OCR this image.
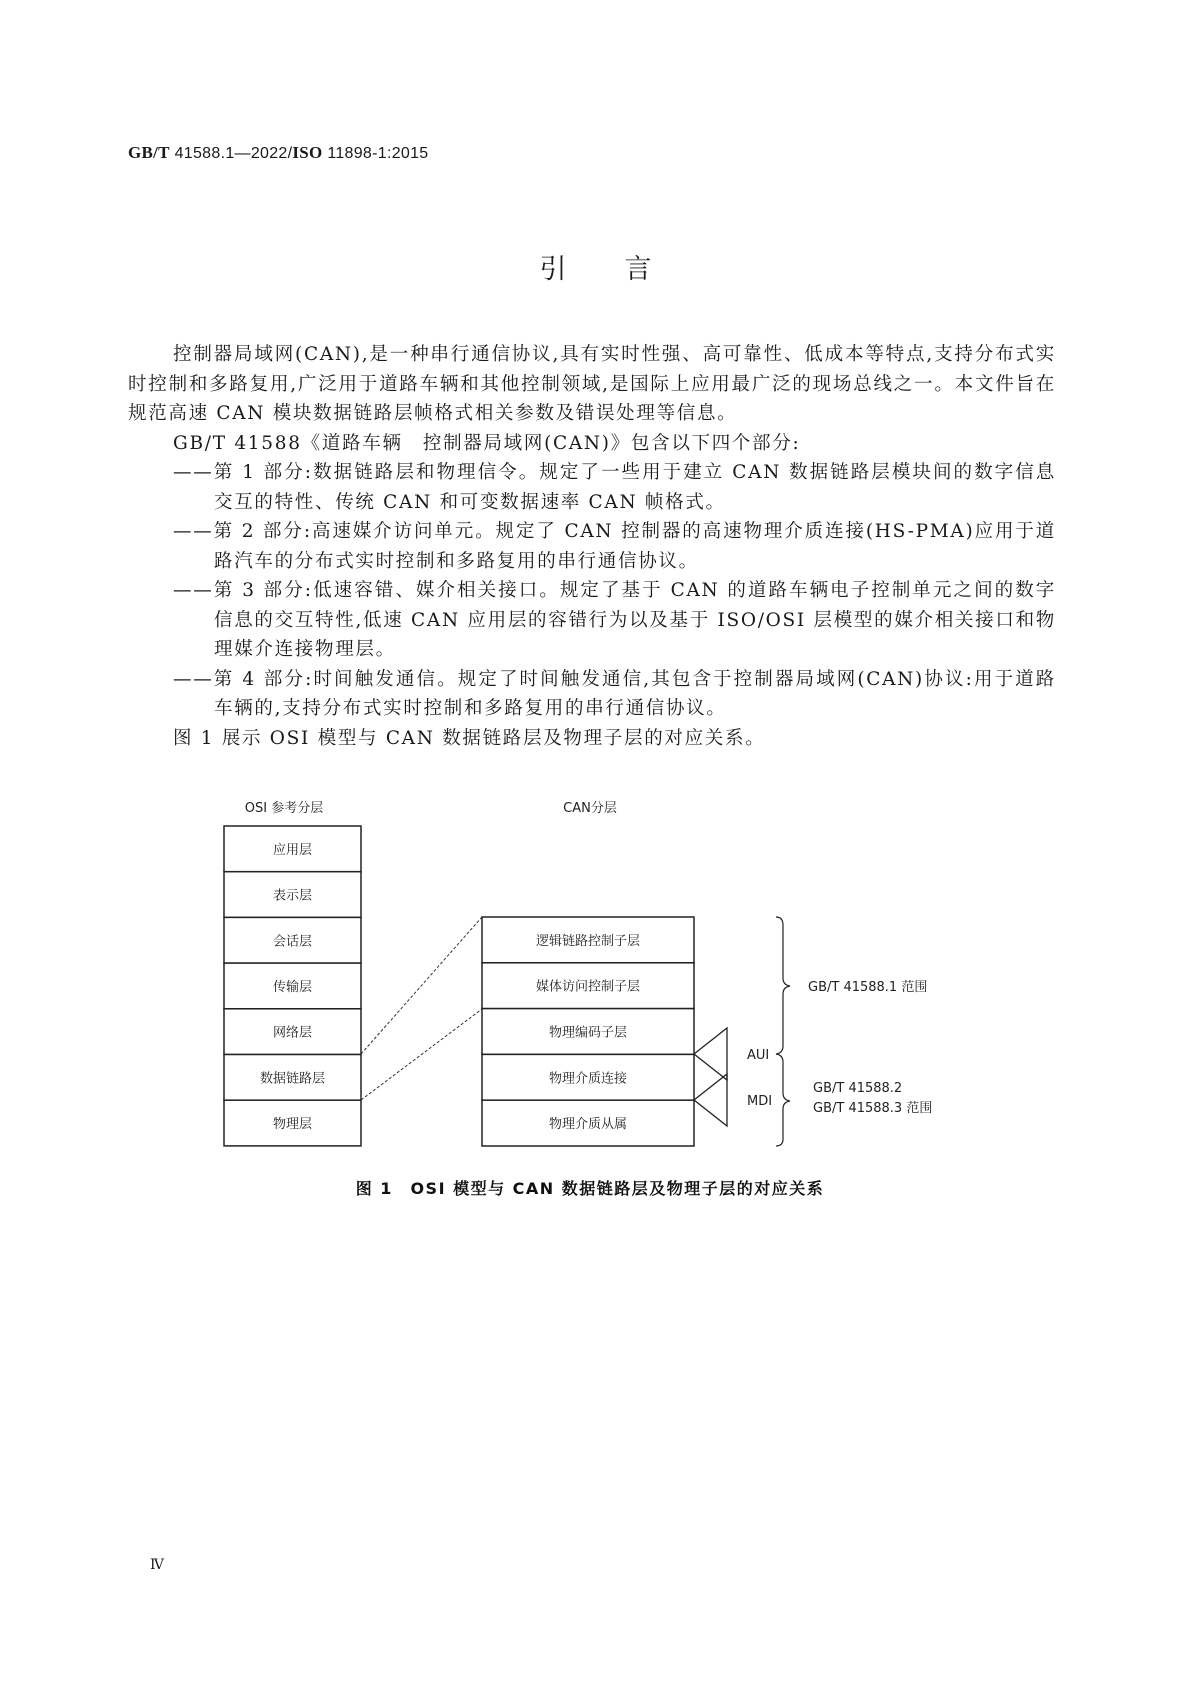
GB/T 41588.1—2022/ISO 11898-1:2015
引言

控制器局域网(CAN),是一种串行通信协议,具有实时性强、高可靠性、低成本等特点,支持分布式实时控制和多路复用,广泛用于道路车辆和其他控制领域,是国际上应用最广泛的现场总线之一。本文件旨在规范高速 CAN 模块数据链路层帧格式相关参数及错误处理等信息。

GB/T 41588《道路车辆　控制器局域网(CAN)》包含以下四个部分:

——第 1 部分:数据链路层和物理信令。规定了一些用于建立 CAN 数据链路层模块间的数字信息交互的特性、传统 CAN 和可变数据速率 CAN 帧格式。

——第 2 部分:高速媒介访问单元。规定了 CAN 控制器的高速物理介质连接(HS-PMA)应用于道路汽车的分布式实时控制和多路复用的串行通信协议。

——第 3 部分:低速容错、媒介相关接口。规定了基于 CAN 的道路车辆电子控制单元之间的数字信息的交互特性,低速 CAN 应用层的容错行为以及基于 ISO/OSI 层模型的媒介相关接口和物理媒介连接物理层。

——第 4 部分:时间触发通信。规定了时间触发通信,其包含于控制器局域网(CAN)协议:用于道路车辆的,支持分布式实时控制和多路复用的串行通信协议。

图 1 展示 OSI 模型与 CAN 数据链路层及物理子层的对应关系。

OSI 参考分层	CAN分层
应用层
表示层
会话层
传输层
网络层
数据链路层
物理层
逻辑链路控制子层
媒体访问控制子层
物理编码子层
物理介质连接
物理介质从属
AUI
MDI
GB/T 41588.1 范围
GB/T 41588.2
GB/T 41588.3 范围
图 1　OSI 模型与 CAN 数据链路层及物理子层的对应关系
Ⅳ
